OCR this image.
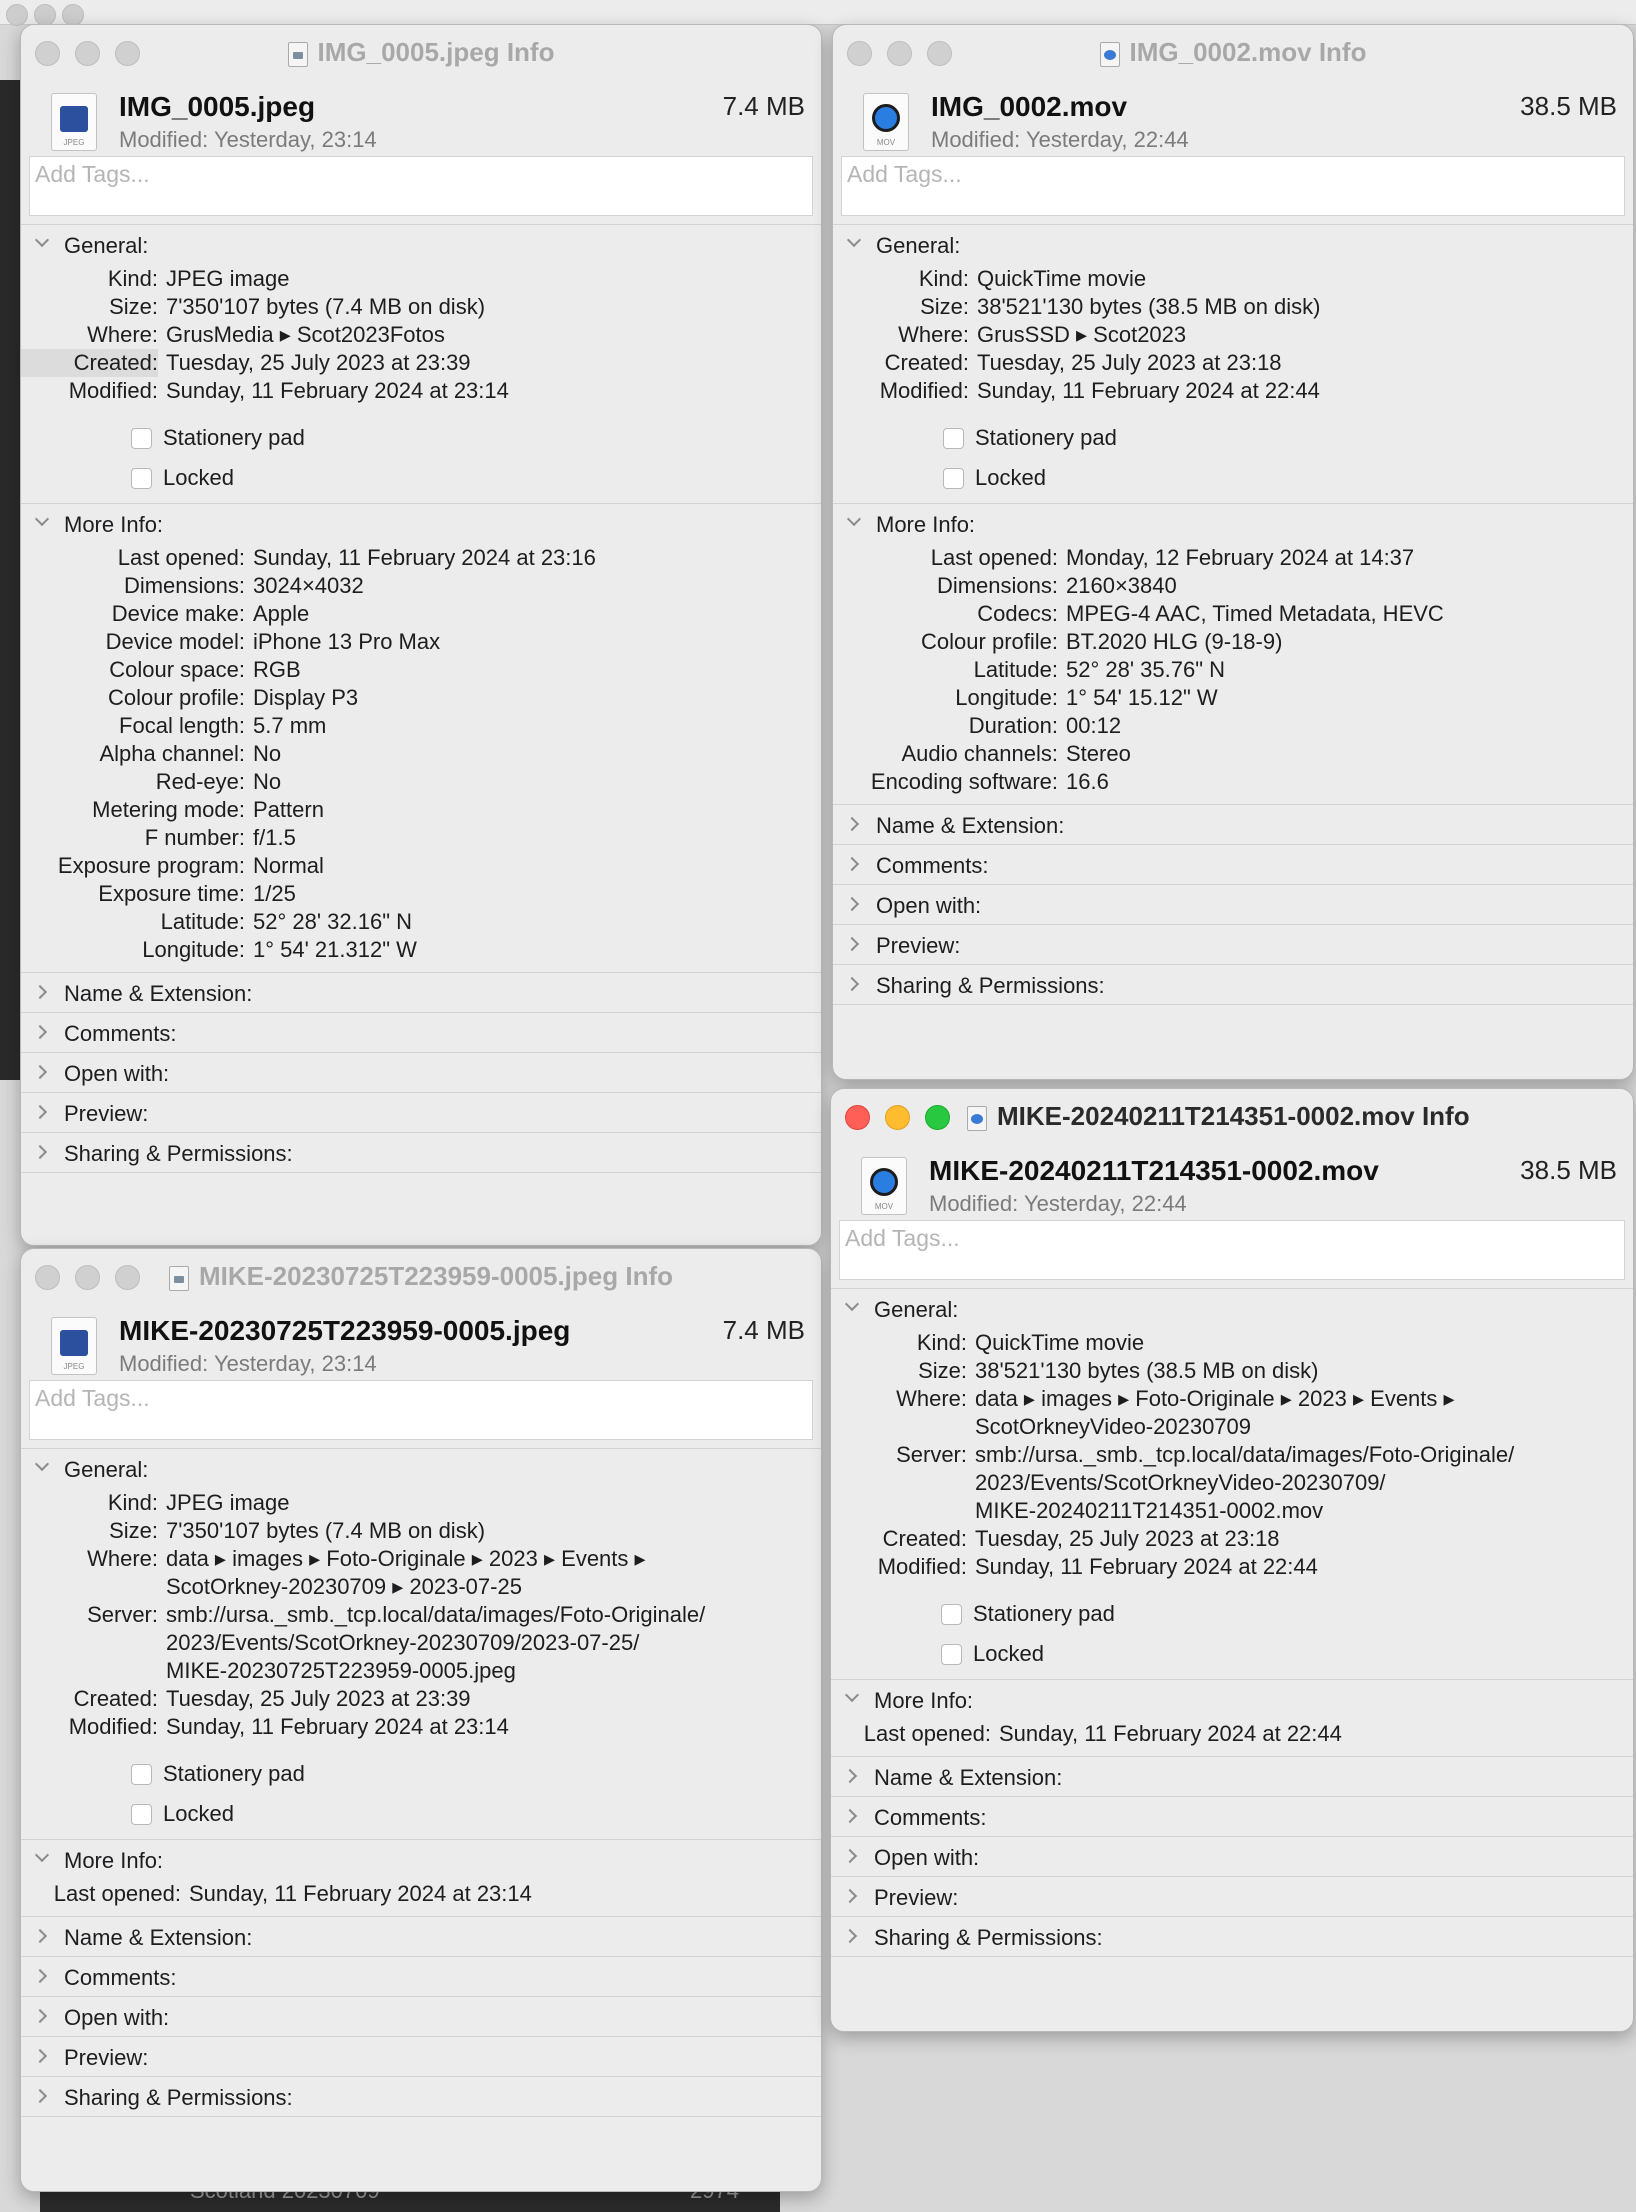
IMG_0005.jpeg Info
JPEG
IMG_0005.jpeg	7.4 MB
Modified: Yesterday, 23:14
Add Tags...
General:
Kind: JPEG image
Size: 7'350'107 bytes (7.4 MB on disk)
Where: GrusMedia ▸ Scot2023Fotos
Created: Tuesday, 25 July 2023 at 23:39
Modified: Sunday, 11 February 2024 at 23:14
Stationery pad
Locked
More Info:
Last opened: Sunday, 11 February 2024 at 23:16
Dimensions: 3024×4032
Device make: Apple
Device model: iPhone 13 Pro Max
Colour space: RGB
Colour profile: Display P3
Focal length: 5.7 mm
Alpha channel: No
Red-eye: No
Metering mode: Pattern
F number: f/1.5
Exposure program: Normal
Exposure time: 1/25
Latitude: 52° 28' 32.16" N
Longitude: 1° 54' 21.312" W
Name & Extension:
Comments:
Open with:
Preview:
Sharing & Permissions:
IMG_0002.mov Info
MOV
IMG_0002.mov	38.5 MB
Modified: Yesterday, 22:44
Add Tags...
General:
Kind: QuickTime movie
Size: 38'521'130 bytes (38.5 MB on disk)
Where: GrusSSD ▸ Scot2023
Created: Tuesday, 25 July 2023 at 23:18
Modified: Sunday, 11 February 2024 at 22:44
Stationery pad
Locked
More Info:
Last opened: Monday, 12 February 2024 at 14:37
Dimensions: 2160×3840
Codecs: MPEG-4 AAC, Timed Metadata, HEVC
Colour profile: BT.2020 HLG (9-18-9)
Latitude: 52° 28' 35.76" N
Longitude: 1° 54' 15.12" W
Duration: 00:12
Audio channels: Stereo
Encoding software: 16.6
Name & Extension:
Comments:
Open with:
Preview:
Sharing & Permissions:
MIKE-20230725T223959-0005.jpeg Info
JPEG
MIKE-20230725T223959-0005.jpeg	7.4 MB
Modified: Yesterday, 23:14
Add Tags...
General:
Kind: JPEG image
Size: 7'350'107 bytes (7.4 MB on disk)
Where: data ▸ images ▸ Foto-Originale ▸ 2023 ▸ Events ▸
ScotOrkney-20230709 ▸ 2023-07-25
Server: smb://ursa._smb._tcp.local/data/images/Foto-Originale/
2023/Events/ScotOrkney-20230709/2023-07-25/
MIKE-20230725T223959-0005.jpeg
Created: Tuesday, 25 July 2023 at 23:39
Modified: Sunday, 11 February 2024 at 23:14
Stationery pad
Locked
More Info:
Last opened: Sunday, 11 February 2024 at 23:14
Name & Extension:
Comments:
Open with:
Preview:
Sharing & Permissions:
MIKE-20240211T214351-0002.mov Info
MOV
MIKE-20240211T214351-0002.mov	38.5 MB
Modified: Yesterday, 22:44
Add Tags...
General:
Kind: QuickTime movie
Size: 38'521'130 bytes (38.5 MB on disk)
Where: data ▸ images ▸ Foto-Originale ▸ 2023 ▸ Events ▸
ScotOrkneyVideo-20230709
Server: smb://ursa._smb._tcp.local/data/images/Foto-Originale/
2023/Events/ScotOrkneyVideo-20230709/
MIKE-20240211T214351-0002.mov
Created: Tuesday, 25 July 2023 at 23:18
Modified: Sunday, 11 February 2024 at 22:44
Stationery pad
Locked
More Info:
Last opened: Sunday, 11 February 2024 at 22:44
Name & Extension:
Comments:
Open with:
Preview:
Sharing & Permissions:
